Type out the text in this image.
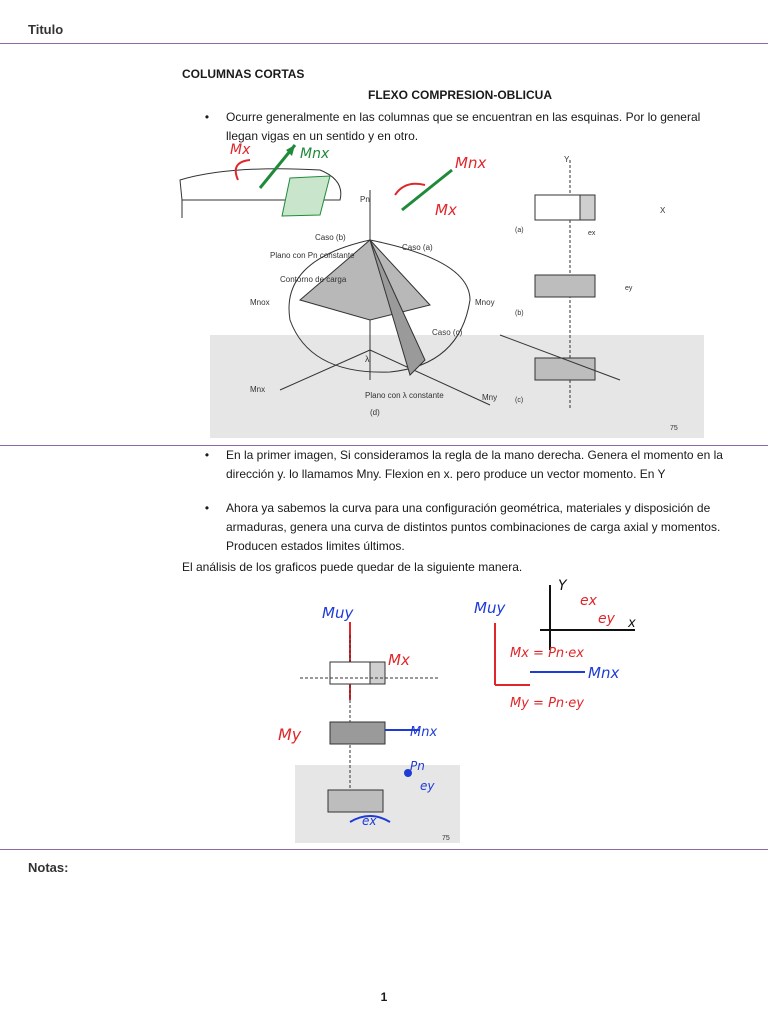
Titulo
COLUMNAS CORTAS
FLEXO COMPRESION-OBLICUA
•	Ocurre generalmente en las columnas que se encuentran en las esquinas. Por lo general llegan vigas en un sentido y en otro.
Mx	Mnx
Pn
Mny
Mnx
Caso (b)
Caso (a)
Caso (c)
Plano con Pn constante
Contorno de carga
Mnox	Mnoy
λ
Plano con λ constante
(d)
Mnx
Mx
Y
(a)
X
ex
(b)
ey
(c)
75
•	En la primer imagen, Si consideramos la regla de la mano derecha. Genera el momento en la dirección y. lo llamamos Mny. Flexion en x. pero produce un vector momento. En Y
•	Ahora ya sabemos la curva para una configuración geométrica, materiales y disposición de armaduras, genera una curva de distintos puntos combinaciones de carga axial y momentos. Producen estados limites últimos.
El análisis de los graficos puede quedar de la siguiente manera.
Muy
Mx
My	Mnx
Pn
ey
ex
75
Muy
Y
ex
ey x
Mx = Pn·ex
Mnx
My = Pn·ey
Notas:
1
